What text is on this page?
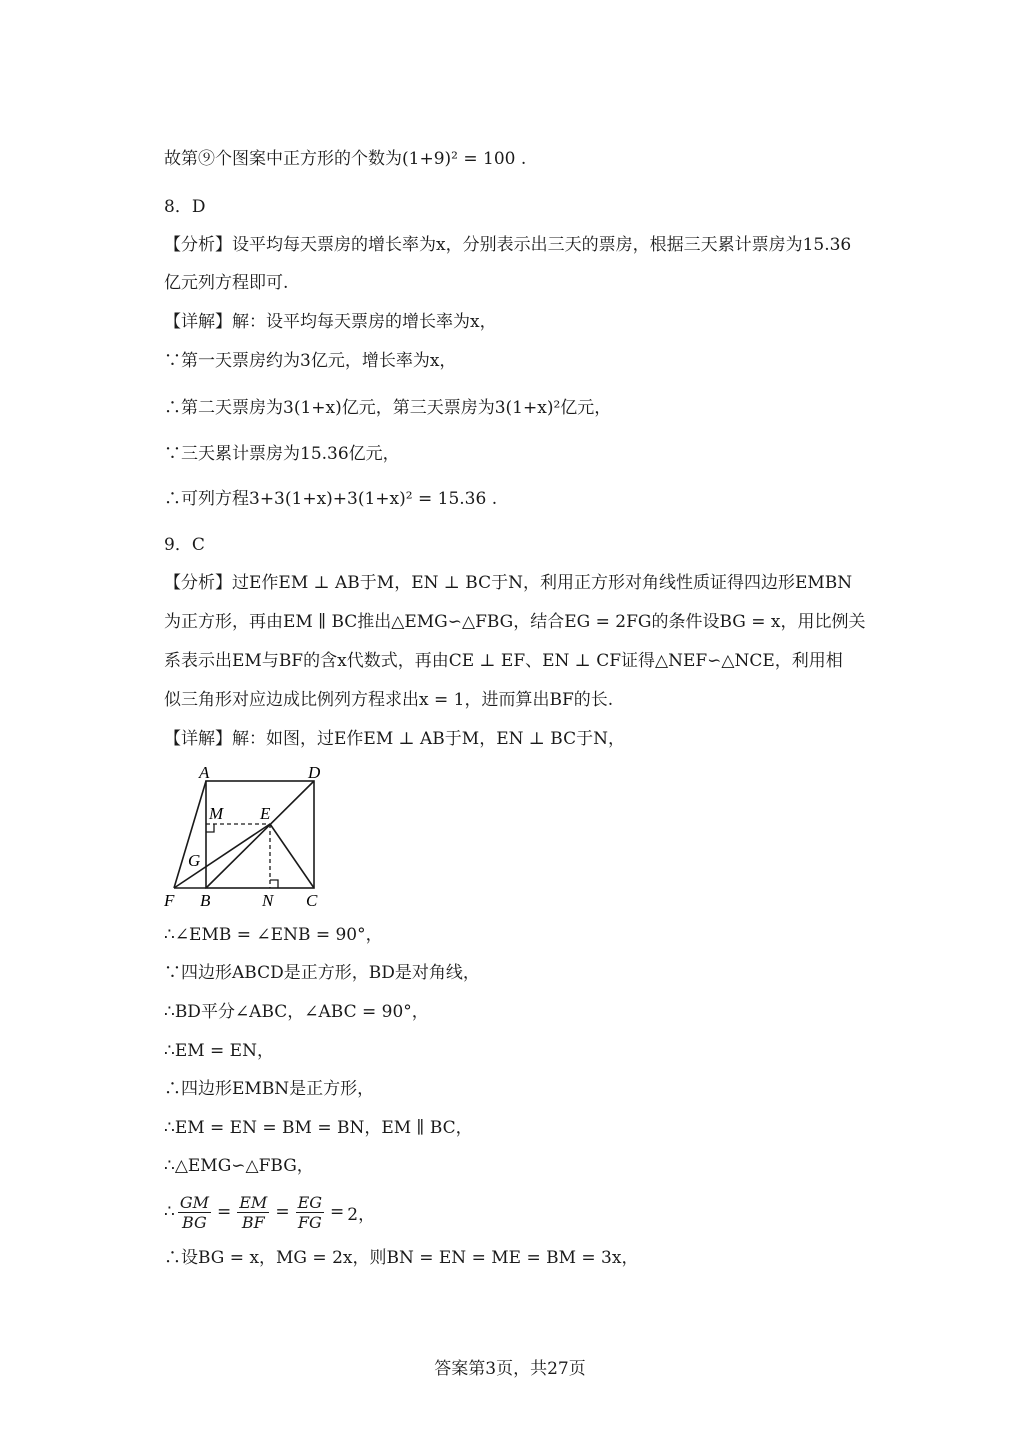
故第⑨个图案中正方形的个数为(1+9)² = 100 .
8．D
【分析】设平均每天票房的增长率为x，分别表示出三天的票房，根据三天累计票房为15.36
亿元列方程即可.
【详解】解：设平均每天票房的增长率为x，
∵第一天票房约为3亿元，增长率为x，
∴第二天票房为3(1+x)亿元，第三天票房为3(1+x)²亿元，
∵三天累计票房为15.36亿元，
∴可列方程3+3(1+x)+3(1+x)² = 15.36 .
9．C
【分析】过E作EM ⊥ AB于M，EN ⊥ BC于N，利用正方形对角线性质证得四边形EMBN
为正方形，再由EM ∥ BC推出△EMG∽△FBG，结合EG = 2FG的条件设BG = x，用比例关
系表示出EM与BF的含x代数式，再由CE ⊥ EF、EN ⊥ CF证得△NEF∽△NCE，利用相
似三角形对应边成比例列方程求出x = 1，进而算出BF的长.
【详解】解：如图，过E作EM ⊥ AB于M，EN ⊥ BC于N，
A	D
M E
G
F B	N C
∴∠EMB = ∠ENB = 90°，
∵四边形ABCD是正方形，BD是对角线，
∴BD平分∠ABC，∠ABC = 90°，
∴EM = EN，
∴四边形EMBN是正方形，
∴EM = EN = BM = BN，EM ∥ BC，
∴△EMG∽△FBG，
∴ $\frac{GM}{BG} = \frac{EM}{BF} = \frac{EG}{FG} = 2$，
∴设BG = x，MG = 2x，则BN = EN = ME = BM = 3x，
答案第3页，共27页
